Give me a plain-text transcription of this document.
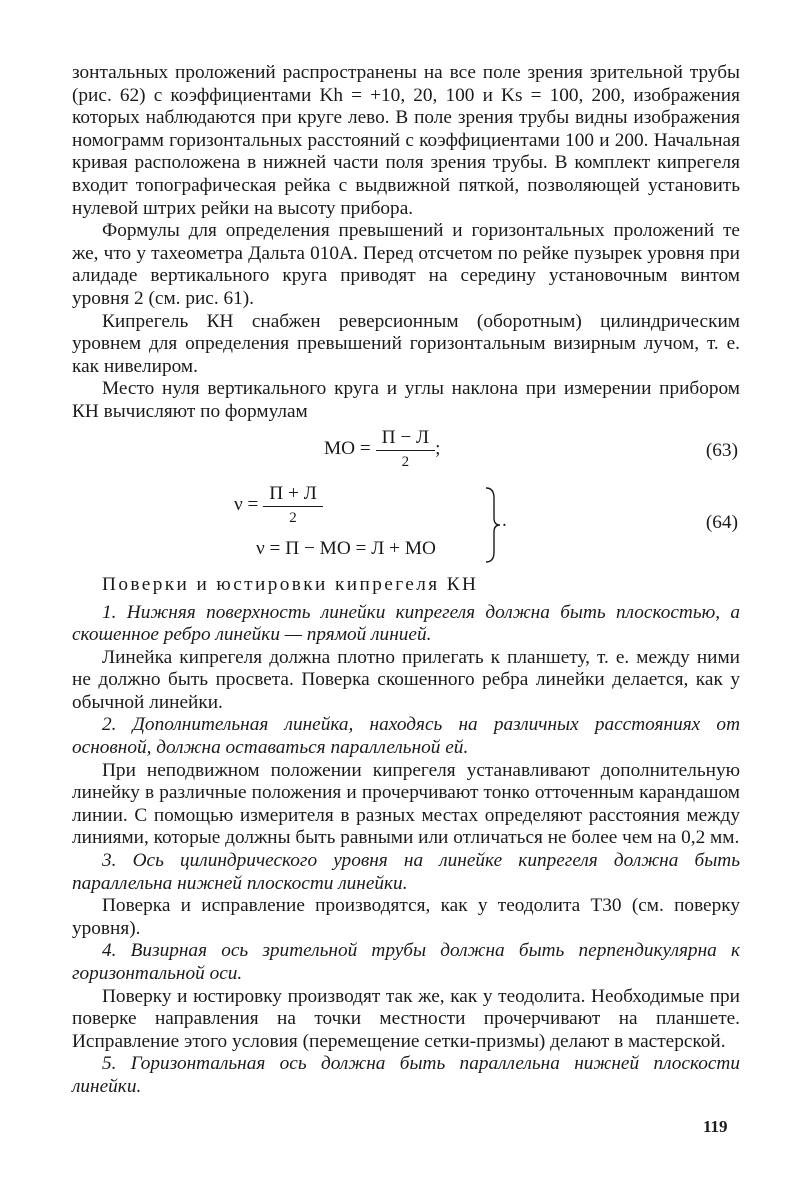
зонтальных проложений распространены на все поле зрения зрительной трубы (рис. 62) с коэффициентами Kh = +10, 20, 100 и Ks = 100, 200, изображения которых наблюдаются при круге лево. В поле зрения трубы видны изображения номограмм горизонтальных расстояний с коэффициентами 100 и 200. Начальная кривая расположена в нижней части поля зрения трубы. В комплект кипрегеля входит топографическая рейка с выдвижной пяткой, позволяющей установить нулевой штрих рейки на высоту прибора.

Формулы для определения превышений и горизонтальных проложений те же, что у тахеометра Дальта 010А. Перед отсчетом по рейке пузырек уровня при алидаде вертикального круга приводят на середину установочным винтом уровня 2 (см. рис. 61).

Кипрегель КН снабжен реверсионным (оборотным) цилиндрическим уровнем для определения превышений горизонтальным визирным лучом, т. е. как нивелиром.

Место нуля вертикального круга и углы наклона при измерении прибором КН вычисляют по формулам

МО = $\frac{П - Л}{2}$ ;	(63)
$\nu = \frac{П + Л}{2}$
ν = П − МО = Л + МО
.	(64)
Поверки и юстировки кипрегеля КН

1. Нижняя поверхность линейки кипрегеля должна быть плоскостью, а скошенное ребро линейки — прямой линией.

Линейка кипрегеля должна плотно прилегать к планшету, т. е. между ними не должно быть просвета. Поверка скошенного ребра линейки делается, как у обычной линейки.

2. Дополнительная линейка, находясь на различных расстояниях от основной, должна оставаться параллельной ей.

При неподвижном положении кипрегеля устанавливают дополнительную линейку в различные положения и прочерчивают тонко отточенным карандашом линии. С помощью измерителя в разных местах определяют расстояния между линиями, которые должны быть равными или отличаться не более чем на 0,2 мм.

3. Ось цилиндрического уровня на линейке кипрегеля должна быть параллельна нижней плоскости линейки.

Поверка и исправление производятся, как у теодолита Т30 (см. поверку уровня).

4. Визирная ось зрительной трубы должна быть перпендикулярна к горизонтальной оси.

Поверку и юстировку производят так же, как у теодолита. Необходимые при поверке направления на точки местности прочерчивают на планшете. Исправление этого условия (перемещение сетки-призмы) делают в мастерской.

5. Горизонтальная ось должна быть параллельна нижней плоскости линейки.

119
